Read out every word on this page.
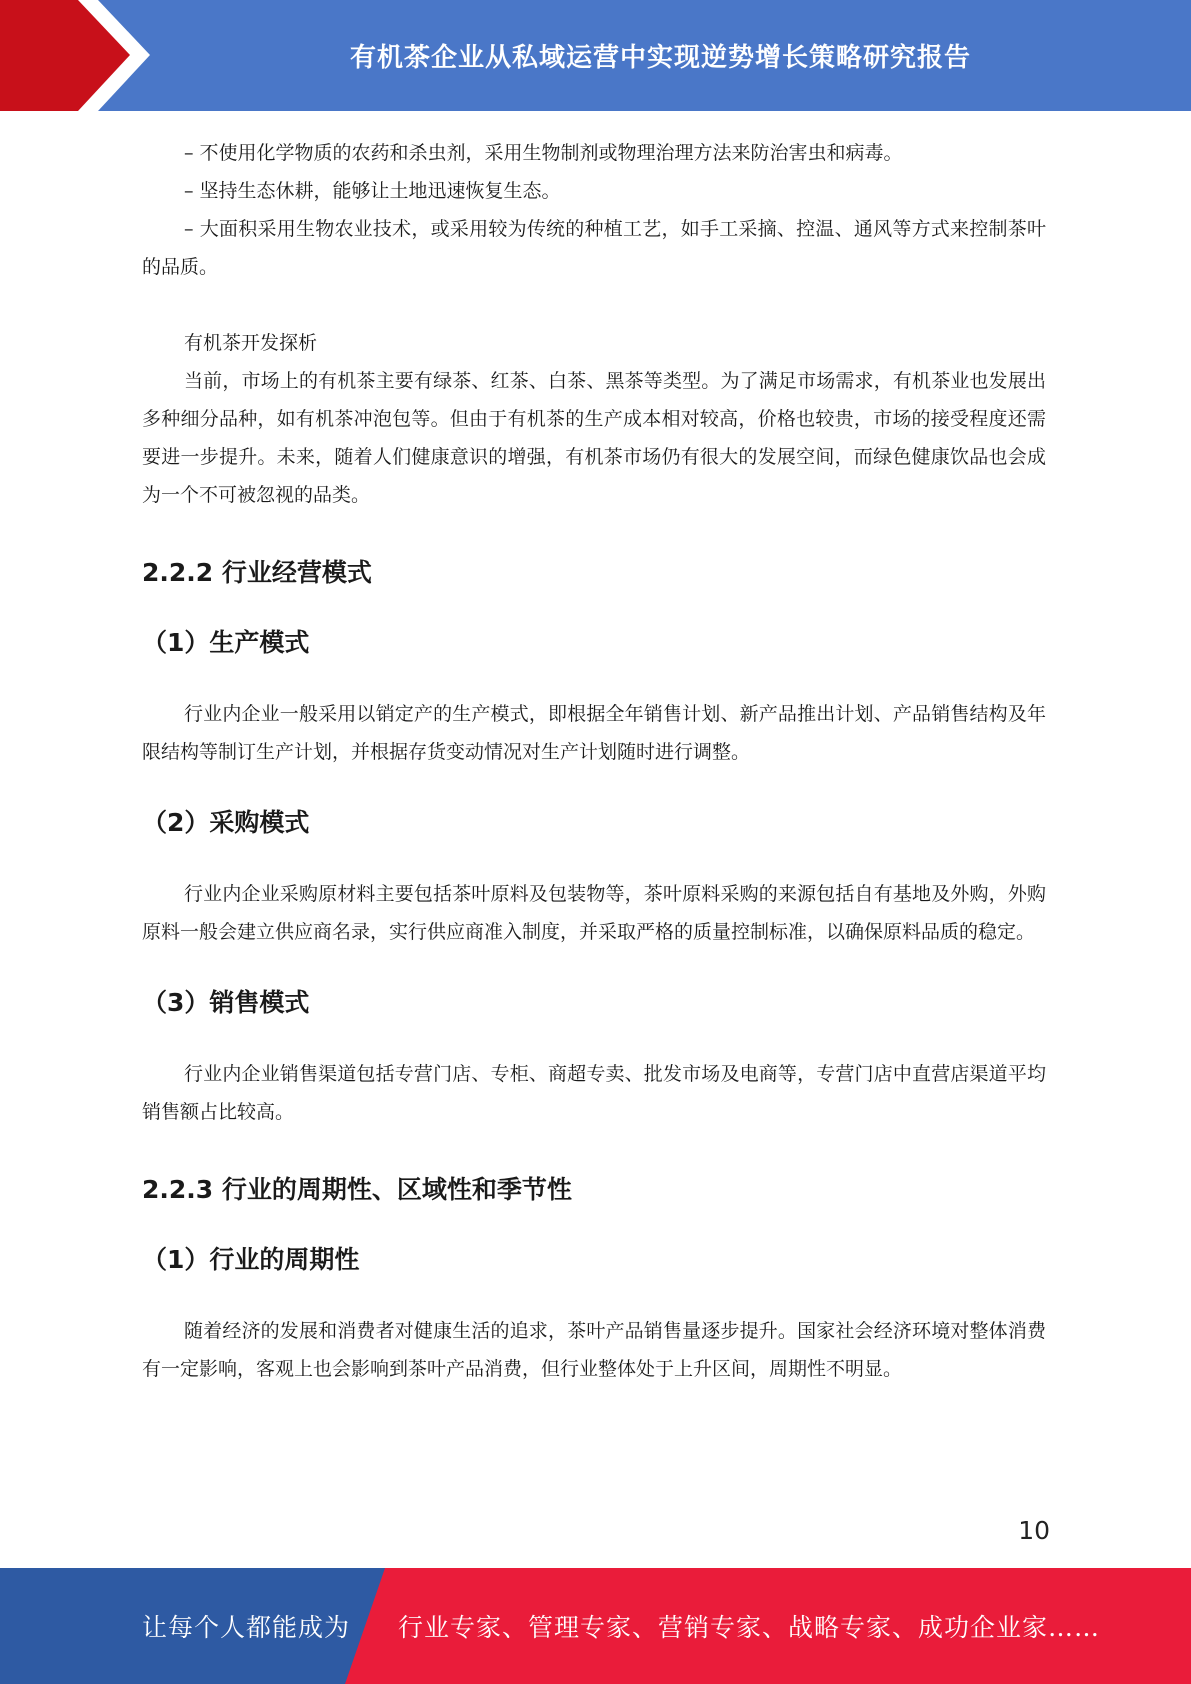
有机茶企业从私域运营中实现逆势增长策略研究报告

– 不使用化学物质的农药和杀虫剂，采用生物制剂或物理治理方法来防治害虫和病毒。

– 坚持生态休耕，能够让土地迅速恢复生态。

– 大面积采用生物农业技术，或采用较为传统的种植工艺，如手工采摘、控温、通风等方式来控制茶叶的品质。

有机茶开发探析

当前，市场上的有机茶主要有绿茶、红茶、白茶、黑茶等类型。为了满足市场需求，有机茶业也发展出多种细分品种，如有机茶冲泡包等。但由于有机茶的生产成本相对较高，价格也较贵，市场的接受程度还需要进一步提升。未来，随着人们健康意识的增强，有机茶市场仍有很大的发展空间，而绿色健康饮品也会成为一个不可被忽视的品类。

2.2.2 行业经营模式
（1）生产模式

行业内企业一般采用以销定产的生产模式，即根据全年销售计划、新产品推出计划、产品销售结构及年限结构等制订生产计划，并根据存货变动情况对生产计划随时进行调整。

（2）采购模式

行业内企业采购原材料主要包括茶叶原料及包装物等，茶叶原料采购的来源包括自有基地及外购，外购原料一般会建立供应商名录，实行供应商准入制度，并采取严格的质量控制标准，以确保原料品质的稳定。

（3）销售模式

行业内企业销售渠道包括专营门店、专柜、商超专卖、批发市场及电商等，专营门店中直营店渠道平均销售额占比较高。

2.2.3 行业的周期性、区域性和季节性
（1）行业的周期性

随着经济的发展和消费者对健康生活的追求，茶叶产品销售量逐步提升。国家社会经济环境对整体消费有一定影响，客观上也会影响到茶叶产品消费，但行业整体处于上升区间，周期性不明显。

10
让每个人都能成为 行业专家、管理专家、营销专家、战略专家、成功企业家……
